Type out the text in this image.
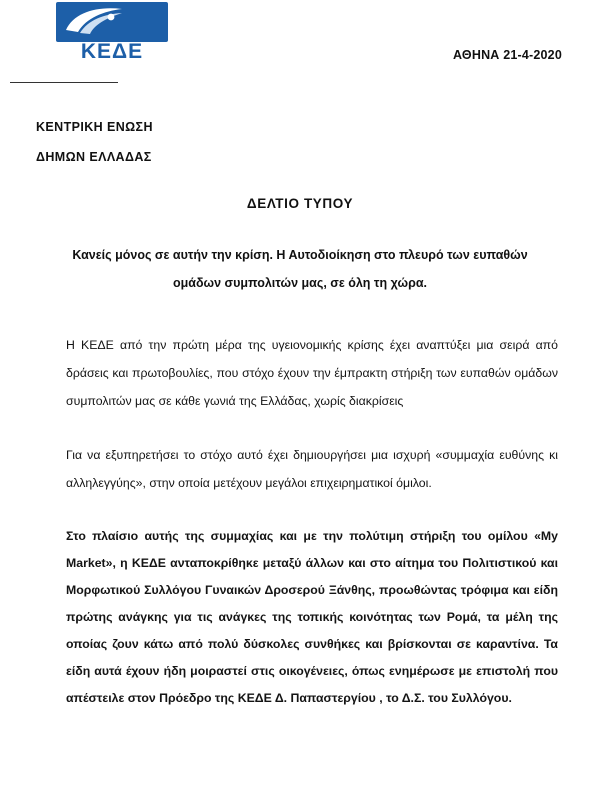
ΚΕΔΕ	ΑΘΗΝΑ 21-4-2020
ΚΕΝΤΡΙΚΗ ΕΝΩΣΗ
ΔΗΜΩΝ ΕΛΛΑΔΑΣ
ΔΕΛΤΙΟ ΤΥΠΟΥ
Κανείς μόνος σε αυτήν την κρίση. Η Αυτοδιοίκηση στο πλευρό των ευπαθών ομάδων συμπολιτών μας, σε όλη τη χώρα.
Η ΚΕΔΕ από την πρώτη μέρα της υγειονομικής κρίσης έχει αναπτύξει μια σειρά από δράσεις και πρωτοβουλίες, που στόχο έχουν την έμπρακτη στήριξη των ευπαθών ομάδων συμπολιτών μας σε κάθε γωνιά της Ελλάδας, χωρίς διακρίσεις
Για να εξυπηρετήσει το στόχο αυτό έχει δημιουργήσει μια ισχυρή «συμμαχία ευθύνης κι αλληλεγγύης», στην οποία μετέχουν μεγάλοι επιχειρηματικοί όμιλοι.
Στο πλαίσιο αυτής της συμμαχίας και με την πολύτιμη στήριξη του ομίλου «My Market», η ΚΕΔΕ ανταποκρίθηκε μεταξύ άλλων και στο αίτημα του Πολιτιστικού και Μορφωτικού Συλλόγου Γυναικών Δροσερού Ξάνθης, προωθώντας τρόφιμα και είδη πρώτης ανάγκης για τις ανάγκες της τοπικής κοινότητας των Ρομά, τα μέλη της οποίας ζουν κάτω από πολύ δύσκολες συνθήκες και βρίσκονται σε καραντίνα. Τα είδη αυτά έχουν ήδη μοιραστεί στις οικογένειες, όπως ενημέρωσε με επιστολή που απέστειλε στον Πρόεδρο της ΚΕΔΕ Δ. Παπαστεργίου , το Δ.Σ. του Συλλόγου.
